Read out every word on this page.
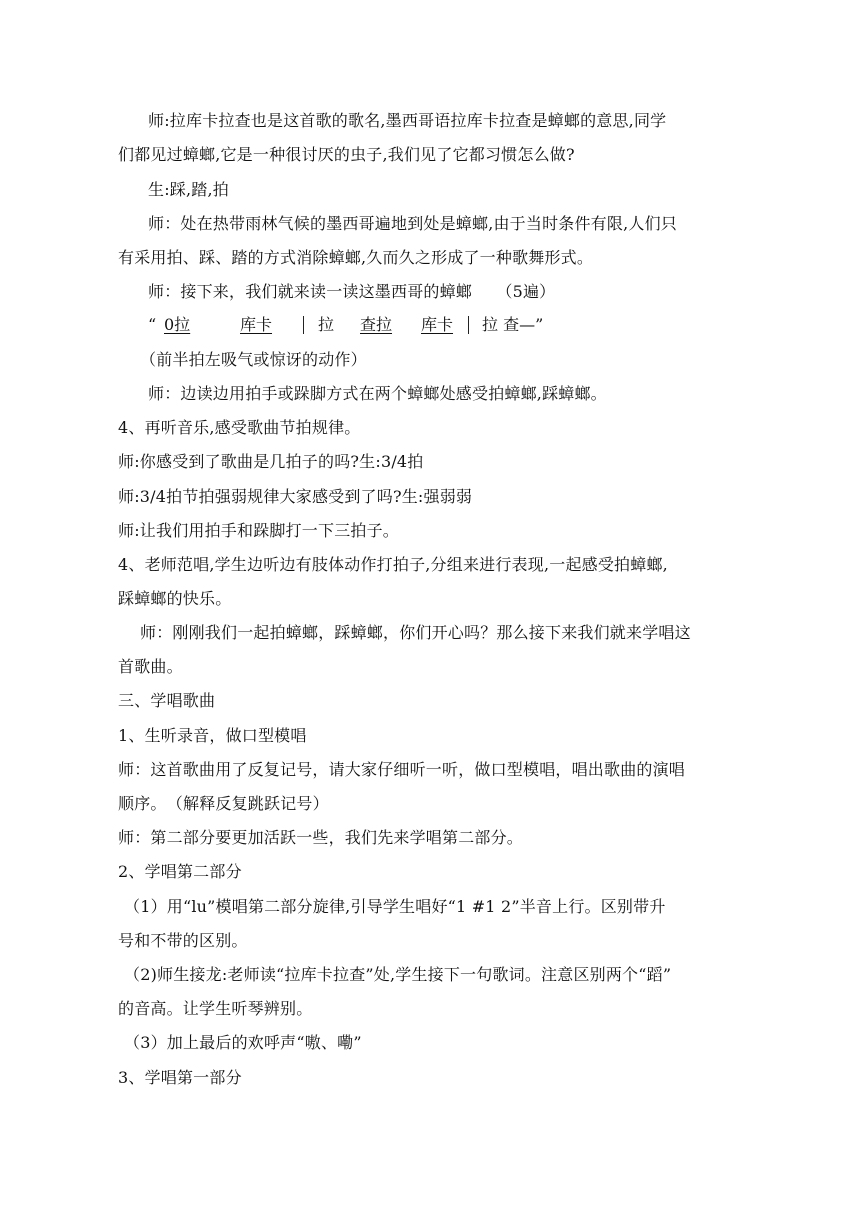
师:拉库卡拉查也是这首歌的歌名,墨西哥语拉库卡拉查是蟑螂的意思,同学
们都见过蟑螂,它是一种很讨厌的虫子,我们见了它都习惯怎么做?
生:踩,踏,拍
师：处在热带雨林气候的墨西哥遍地到处是蟑螂,由于当时条件有限,人们只
有采用拍、踩、踏的方式消除蟑螂,久而久之形成了一种歌舞形式。
师：接下来，我们就来读一读这墨西哥的蟑螂　　（5遍）
“ 0拉	库卡	拉 查拉 库卡 拉 查—”
（前半拍左吸气或惊讶的动作）
师：边读边用拍手或跺脚方式在两个蟑螂处感受拍蟑螂,踩蟑螂。
4、再听音乐,感受歌曲节拍规律。
师:你感受到了歌曲是几拍子的吗?生:3/4拍
师:3/4拍节拍强弱规律大家感受到了吗?生:强弱弱
师:让我们用拍手和跺脚打一下三拍子。
4、老师范唱,学生边听边有肢体动作打拍子,分组来进行表现,一起感受拍蟑螂,
踩蟑螂的快乐。
师：刚刚我们一起拍蟑螂，踩蟑螂，你们开心吗？那么接下来我们就来学唱这
首歌曲。
三、学唱歌曲
1、生听录音，做口型模唱
师：这首歌曲用了反复记号，请大家仔细听一听，做口型模唱，唱出歌曲的演唱
顺序。　（解释反复跳跃记号）
师：第二部分要更加活跃一些，我们先来学唱第二部分。
2、学唱第二部分
（1）用“lu”模唱第二部分旋律,引导学生唱好“1 #1 2”半音上行。区别带升
号和不带的区别。
（2)师生接龙:老师读“拉库卡拉查”处,学生接下一句歌词。注意区别两个“蹈”
的音高。让学生听琴辨别。
（3）加上最后的欢呼声“嗷、嘞”
3、学唱第一部分
